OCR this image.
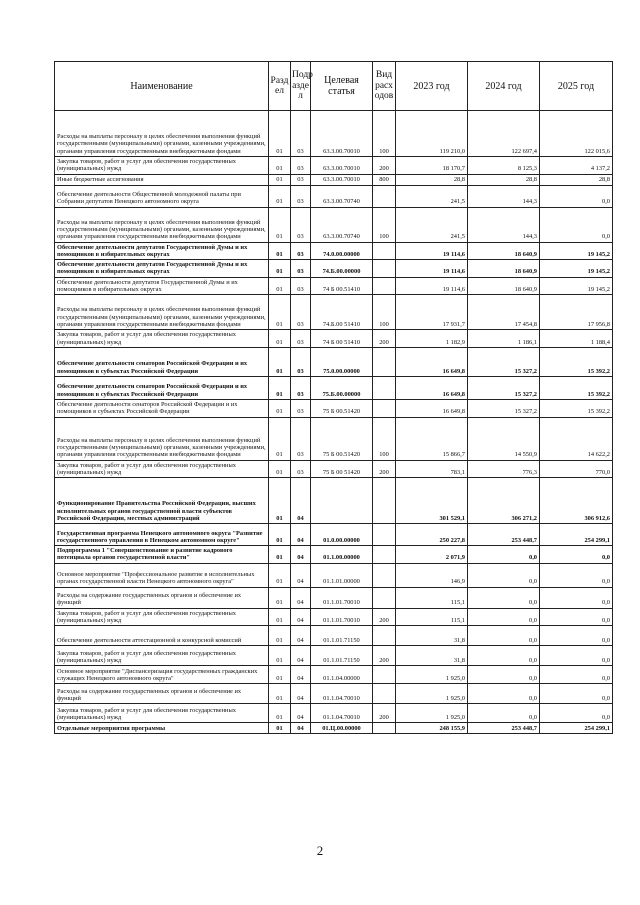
Наименование	Разд ел	Подр азде л	Целевая статья	Вид расх одов	2023 год	2024 год	2025 год
Расходы на выплаты персоналу в целях обеспечения выполнения функций государственными (муниципальными) органами, казенными учреждениями, органами управления государственными внебюджетными фондами	01	03	63.3.00.70010	100	119 210,0	122 697,4	122 015,6
Закупка товаров, работ и услуг для обеспечения государственных (муниципальных) нужд	01	03	63.3.00.70010	200	18 170,7	8 125,3	4 137,2
Иные бюджетные ассигнования	01	03	63.3.00.70010	800	28,8	28,8	28,8
Обеспечение деятельности Общественной молодежной палаты при Собрании депутатов Ненецкого автономного округа	01	03	63.3.00.70740		241,5	144,3	0,0
Расходы на выплаты персоналу в целях обеспечения выполнения функций государственными (муниципальными) органами, казенными учреждениями, органами управления государственными внебюджетными фондами	01	03	63.3.00.70740	100	241,5	144,3	0,0
Обеспечение деятельности депутатов Государственной Думы и их помощников в избирательных округах	01	03	74.0.00.00000		19 114,6	18 640,9	19 145,2
Обеспечение деятельности депутатов Государственной Думы и их помощников в избирательных округах	01	03	74.Б.00.00000		19 114,6	18 640,9	19 145,2
Обеспечение деятельности депутатов Государственной Думы и их помощников в избирательных округах	01	03	74 Б 00.51410		19 114,6	18 640,9	19 145,2
Расходы на выплаты персоналу в целях обеспечения выполнения функций государственными (муниципальными) органами, казенными учреждениями, органами управления государственными внебюджетными фондами	01	03	74.Б.00 51410	100	17 931,7	17 454,8	17 956,8
Закупка товаров, работ и услуг для обеспечения государственных (муниципальных) нужд	01	03	74 Б 00 51410	200	1 182,9	1 186,1	1 188,4
Обеспечение деятельности сенаторов Российской Федерации и их помощников в субъектах Российской Федерации	01	03	75.0.00.00000		16 649,8	15 327,2	15 392,2
Обеспечение деятельности сенаторов Российской Федерации и их помощников в субъектах Российской Федерации	01	03	75.Б.00.00000		16 649,8	15 327,2	15 392,2
Обеспечение деятельности сенаторов Российской Федерации и их помощников в субъектах Российской Федерации	01	03	75 Б 00.51420		16 649,8	15 327,2	15 392,2
Расходы на выплаты персоналу в целях обеспечения выполнения функций государственными (муниципальными) органами, казенными учреждениями, органами управления государственными внебюджетными фондами	01	03	75 Б 00.51420	100	15 866,7	14 550,9	14 622,2
Закупка товаров, работ и услуг для обеспечения государственных (муниципальных) нужд	01	03	75 Б 00 51420	200	783,1	776,3	770,0
Функционирование Правительства Российской Федерации, высших исполнительных органов государственной власти субъектов Российской Федерации, местных администраций	01	04			301 529,1	306 271,2	306 912,6
Государственная программа Ненецкого автономного округа "Развитие государственного управления в Ненецком автономном округе"	01	04	01.0.00.00000		250 227,8	253 448,7	254 299,1
Подпрограмма 1 "Совершенствование и развитие кадрового потенциала органов государственной власти"	01	04	01.1.00.00000		2 071,9	0,0	0,0
Основное мероприятие "Профессиональное развитие в исполнительных органах государственной власти Ненецкого автономного округа"	01	04	01.1.01.00000		146,9	0,0	0,0
Расходы на содержание государственных органов и обеспечение их функций	01	04	01.1.01.70010		115,1	0,0	0,0
Закупка товаров, работ и услуг для обеспечения государственных (муниципальных) нужд	01	04	01.1.01.70010	200	115,1	0,0	0,0
Обеспечение деятельности аттестационной и конкурсной комиссий	01	04	01.1.01.71150		31,8	0,0	0,0
Закупка товаров, работ и услуг для обеспечения государственных (муниципальных) нужд	01	04	01.1.01.71150	200	31,8	0,0	0,0
Основное мероприятие "Диспансеризация государственных гражданских служащих Ненецкого автономного округа"	01	04	01.1.04.00000		1 925,0	0,0	0,0
Расходы на содержание государственных органов и обеспечение их функций	01	04	01.1.04.70010		1 925,0	0,0	0,0
Закупка товаров, работ и услуг для обеспечения государственных (муниципальных) нужд	01	04	01.1.04.70010	200	1 925,0	0,0	0,0
Отдельные мероприятия программы	01	04	01.Ц.00.00000		248 155,9	253 448,7	254 299,1
2
